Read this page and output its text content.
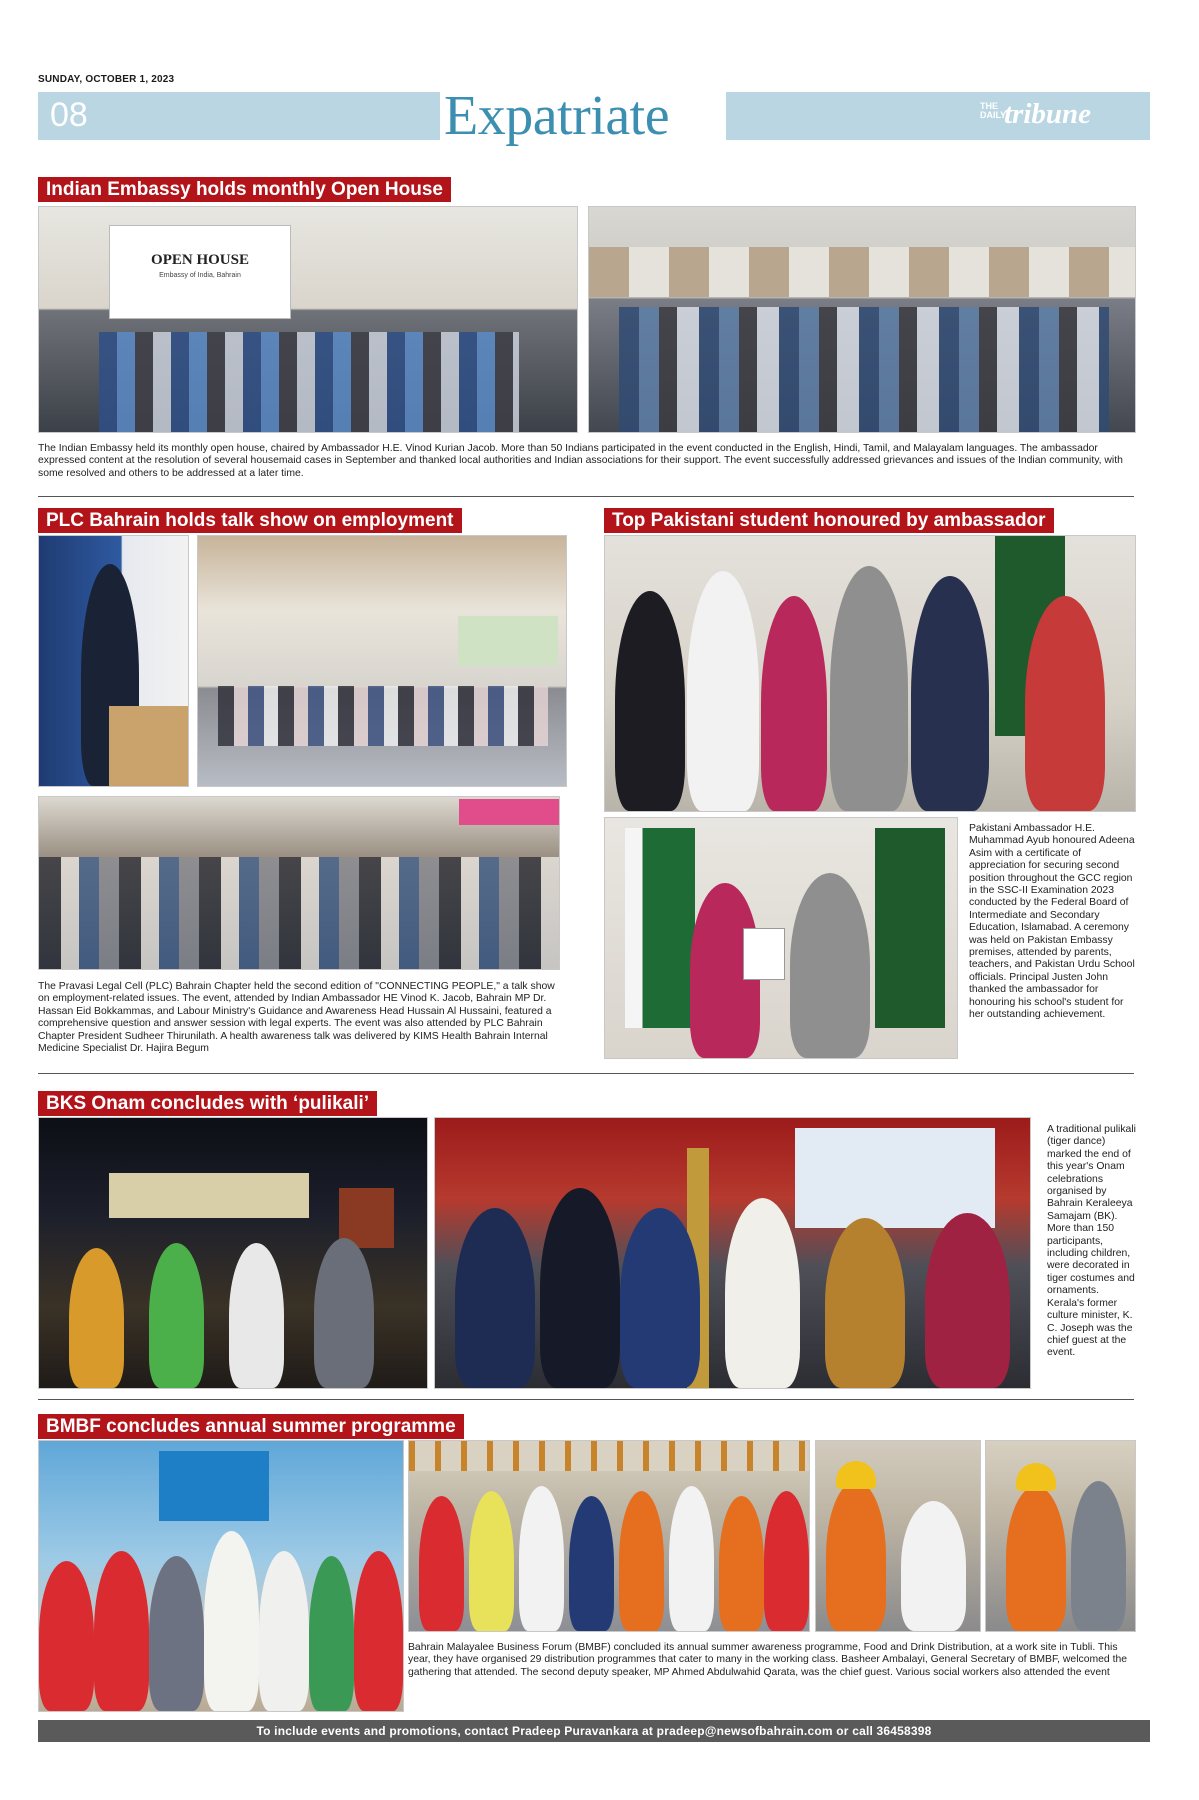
SUNDAY, OCTOBER 1, 2023
08	Expatriate	THE
DAILY
tribune
Indian Embassy holds monthly Open House
OPEN HOUSE
Embassy of India, Bahrain
The Indian Embassy held its monthly open house, chaired by Ambassador H.E. Vinod Kurian Jacob. More than 50 Indians participated in the event conducted in the English, Hindi, Tamil, and Malayalam languages. The ambassador expressed content at the resolution of several housemaid cases in September and thanked local authorities and Indian associations for their support. The event successfully addressed grievances and issues of the Indian community, with some resolved and others to be addressed at a later time.
PLC Bahrain holds talk show on employment
The Pravasi Legal Cell (PLC) Bahrain Chapter held the second edition of "CONNECTING PEOPLE," a talk show on employment-related issues. The event, attended by Indian Ambassador HE Vinod K. Jacob, Bahrain MP Dr. Hassan Eid Bokkammas, and Labour Ministry's Guidance and Awareness Head Hussain Al Hussaini, featured a comprehensive question and answer session with legal experts. The event was also attended by PLC Bahrain Chapter President Sudheer Thirunilath. A health awareness talk was delivered by KIMS Health Bahrain Internal Medicine Specialist Dr. Hajira Begum
Top Pakistani student honoured by ambassador
Pakistani Ambassador H.E. Muhammad Ayub honoured Adeena Asim with a certificate of appreciation for securing second position throughout the GCC region in the SSC-II Examination 2023 conducted by the Federal Board of Intermediate and Secondary Education, Islamabad. A ceremony was held on Pakistan Embassy premises, attended by parents, teachers, and Pakistan Urdu School officials. Principal Justen John thanked the ambassador for honouring his school's student for her outstanding achievement.
BKS Onam concludes with ‘pulikali’
A traditional pulikali (tiger dance) marked the end of this year's Onam celebrations organised by Bahrain Keraleeya Samajam (BK). More than 150 participants, including children, were decorated in tiger costumes and ornaments. Kerala's former culture minister, K. C. Joseph was the chief guest at the event.
BMBF concludes annual summer programme
Bahrain Malayalee Business Forum (BMBF) concluded its annual summer awareness programme, Food and Drink Distribution, at a work site in Tubli. This year, they have organised 29 distribution programmes that cater to many in the working class. Basheer Ambalayi, General Secretary of BMBF, welcomed the gathering that attended. The second deputy speaker, MP Ahmed Abdulwahid Qarata, was the chief guest. Various social workers also attended the event
To include events and promotions, contact Pradeep Puravankara at pradeep@newsofbahrain.com or call 36458398
